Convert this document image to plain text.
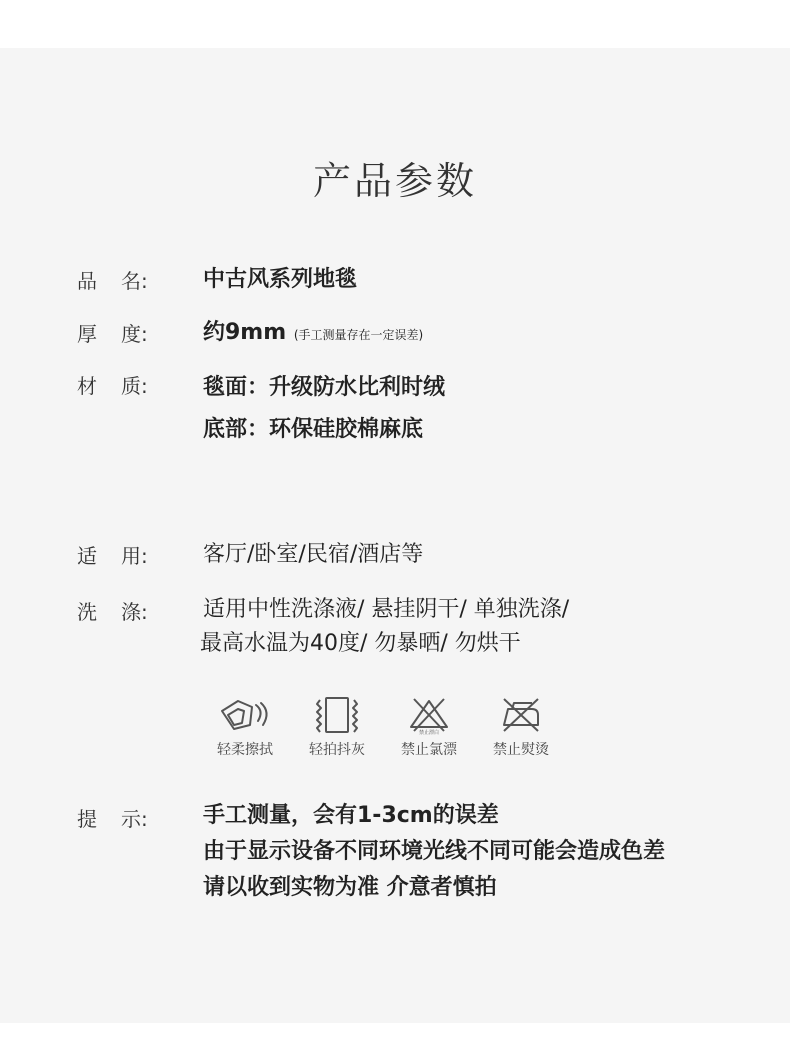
产品参数
品 名:	中古风系列地毯
厚 度:	约9mm (手工测量存在一定误差)
材 质:	毯面：升级防水比利时绒
底部：环保硅胶棉麻底
适 用:	客厅/卧室/民宿/酒店等
洗 涤:	适用中性洗涤液/ 悬挂阴干/ 单独洗涤/
最高水温为40度/ 勿暴晒/ 勿烘干
轻柔擦拭	轻拍抖灰
禁止漂白
禁止氯漂	禁止熨烫
提 示:	手工测量，会有1-3cm的误差
由于显示设备不同环境光线不同可能会造成色差
请以收到实物为准 介意者慎拍
